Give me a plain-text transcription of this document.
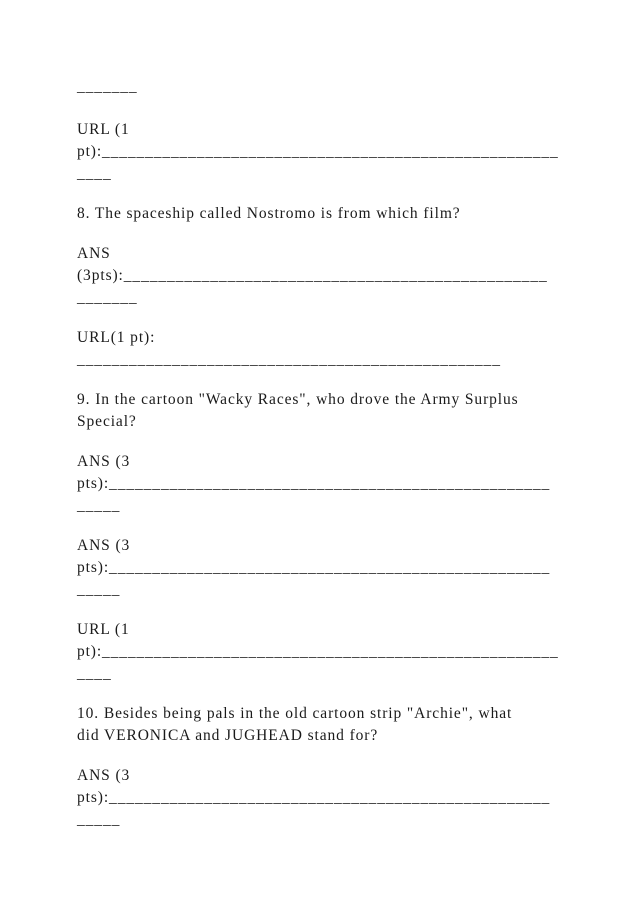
_______
URL (1
pt):_____________________________________________________
____
8. The spaceship called Nostromo is from which film?
ANS
(3pts):_________________________________________________
_______
URL(1 pt):
_________________________________________________
9. In the cartoon "Wacky Races", who drove the Army Surplus
Special?
ANS (3
pts):___________________________________________________
_____
ANS (3
pts):___________________________________________________
_____
URL (1
pt):_____________________________________________________
____
10. Besides being pals in the old cartoon strip "Archie", what
did VERONICA and JUGHEAD stand for?
ANS (3
pts):___________________________________________________
_____
